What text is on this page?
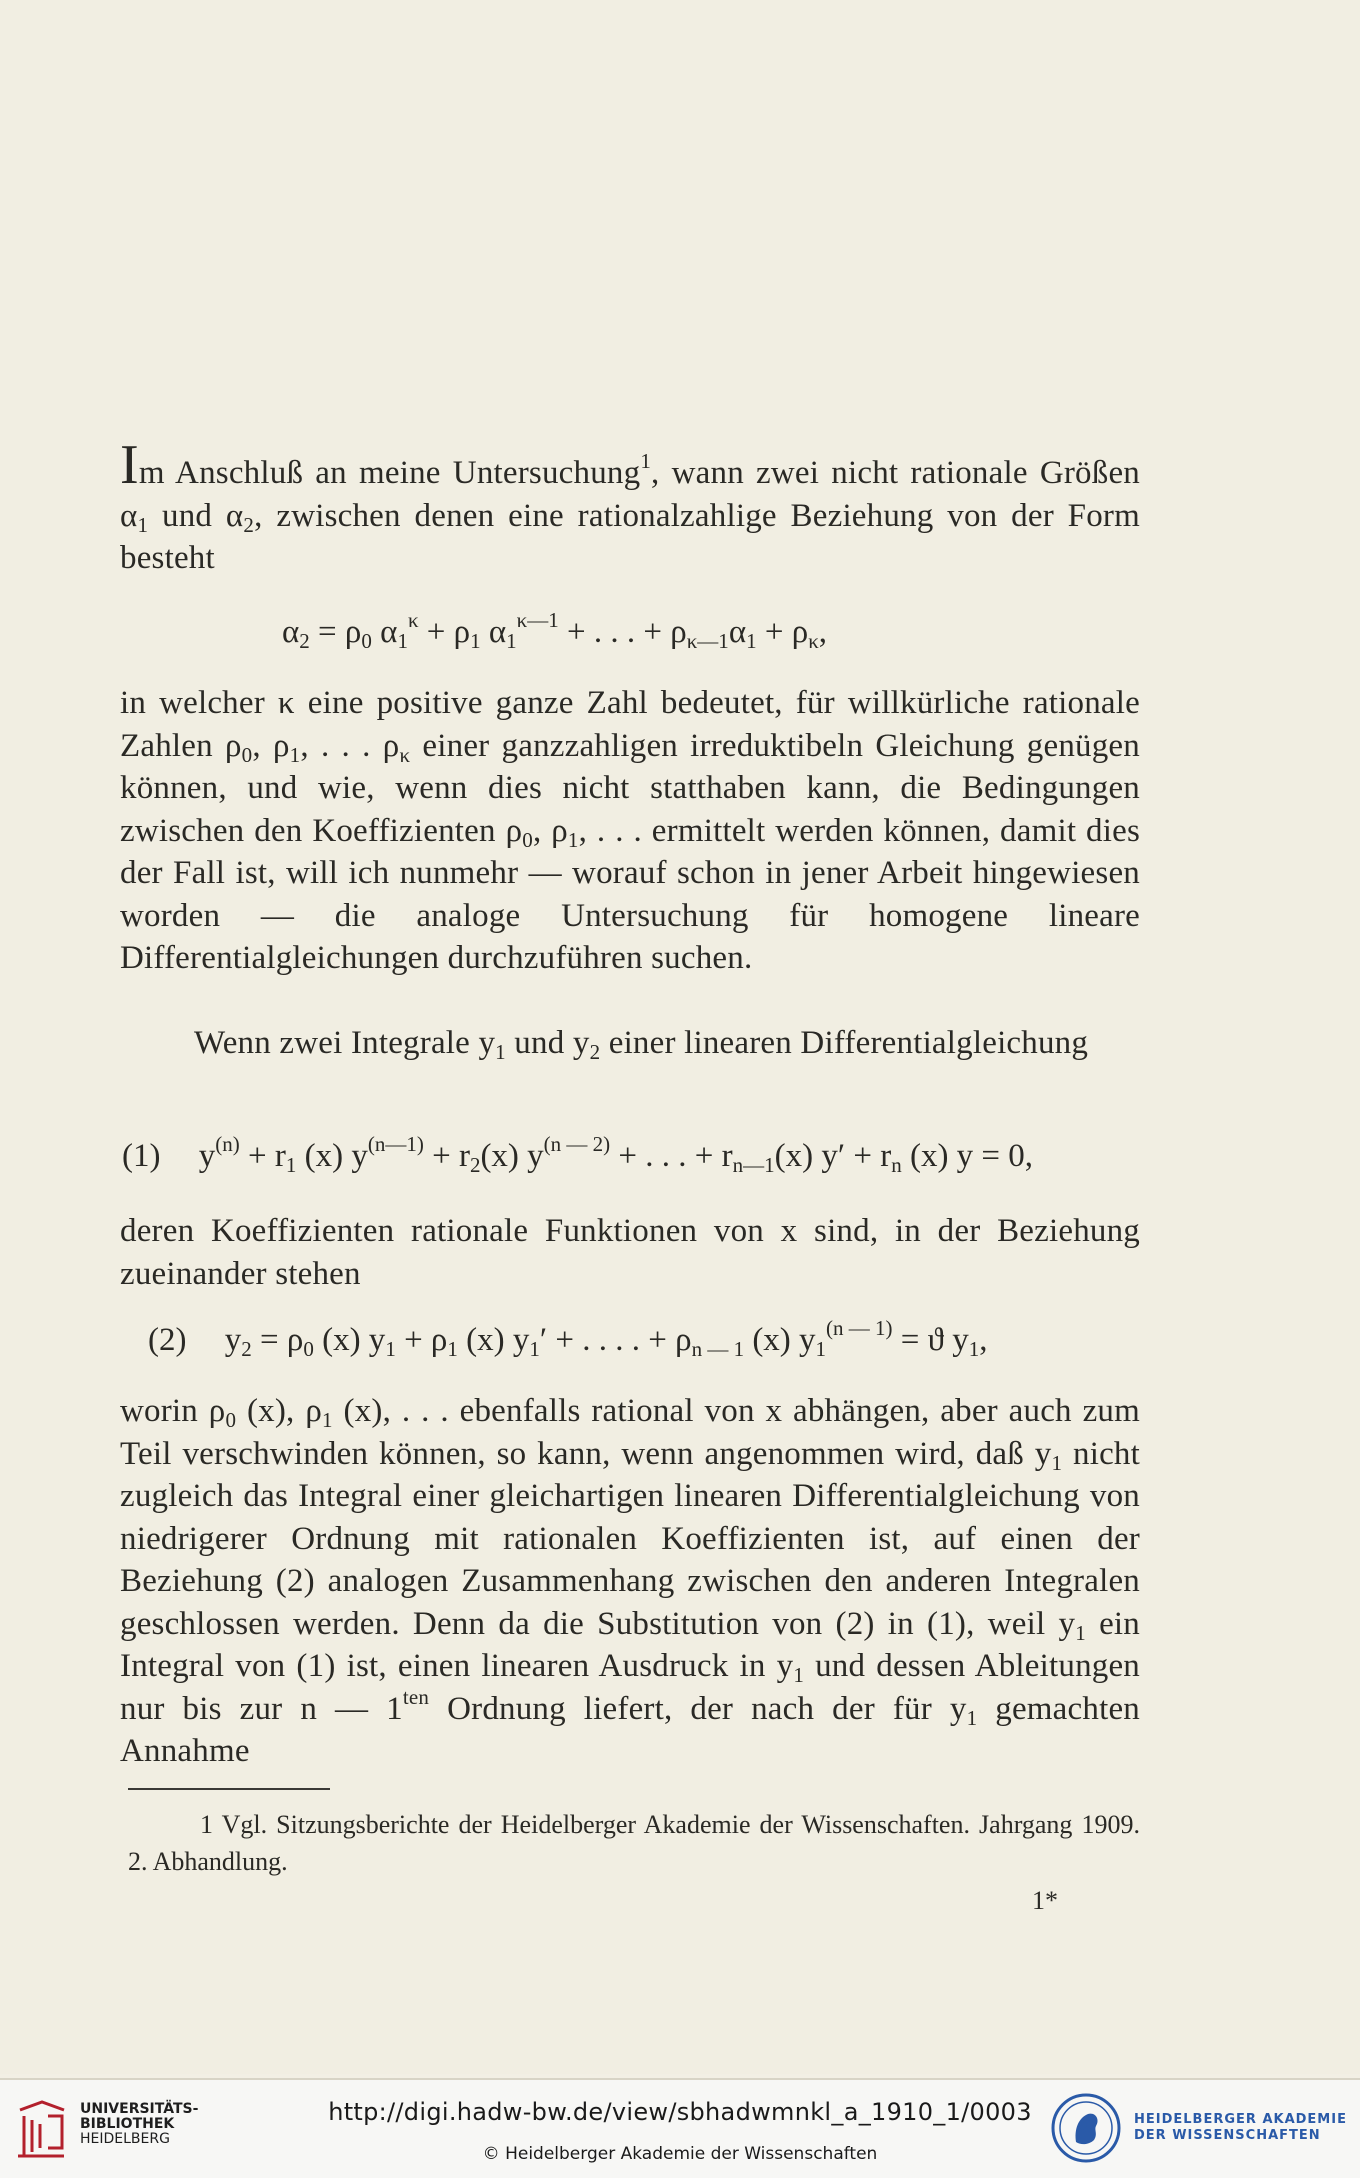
Im Anschluß an meine Untersuchung$^1$, wann zwei nicht rationale Größen $\alpha_1$ und $\alpha_2$, zwischen denen eine rationalzahlige Beziehung von der Form besteht

$\alpha_2 = \rho_0$ $\alpha_1^\kappa + \rho_1$ $\alpha_1^{\kappa—1}$ + . . . + $\rho_{\kappa—1}\alpha_1 + \rho_\kappa$,

in welcher κ eine positive ganze Zahl bedeutet, für willkürliche rationale Zahlen $\rho_0$, $\rho_1$, . . . $\rho_\kappa$ einer ganzzahligen irreduktibeln Gleichung genügen können, und wie, wenn dies nicht statthaben kann, die Bedingungen zwischen den Koeffizienten $\rho_0$, $\rho_1$, . . . ermittelt werden können, damit dies der Fall ist, will ich nunmehr — worauf schon in jener Arbeit hingewiesen worden — die analoge Untersuchung für homogene lineare Differentialgleichungen durchzuführen suchen.

Wenn zwei Integrale $y_1$ und $y_2$ einer linearen Differentialgleichung

(1) $y^{(n)} + r_1$ (x) $y^{(n—1)} + r_2(x) y^{(n — 2)}$ + . . . + $r_{n—1}(x) y' + r_n$ (x) y = 0,

deren Koeffizienten rationale Funktionen von x sind, in der Beziehung zueinander stehen

(2) $y_2 = \rho_0$ (x) $y_1 + \rho_1$ (x) $y_1'$ + . . . . + $\rho_{n — 1}$ (x) $y_1^{(n — 1)} = ϑ$ $y_1$,

worin $\rho_0$ (x), $\rho_1$ (x), . . . ebenfalls rational von x abhängen, aber auch zum Teil verschwinden können, so kann, wenn angenommen wird, daß $y_1$ nicht zugleich das Integral einer gleichartigen linearen Differentialgleichung von niedrigerer Ordnung mit rationalen Koeffizienten ist, auf einen der Beziehung (2) analogen Zusammenhang zwischen den anderen Integralen geschlossen werden. Denn da die Substitution von (2) in (1), weil $y_1$ ein Integral von (1) ist, einen linearen Ausdruck in $y_1$ und dessen Ableitungen nur bis zur n — $1^{ten}$ Ordnung liefert, der nach der für $y_1$ gemachten Annahme

1 Vgl. Sitzungsberichte der Heidelberger Akademie der Wissenschaften. Jahrgang 1909. 2. Abhandlung.
1*
UNIVERSITÄTS-
BIBLIOTHEK
HEIDELBERG
http://digi.hadw-bw.de/view/sbhadwmnkl_a_1910_1/0003
© Heidelberger Akademie der Wissenschaften
HEIDELBERGER AKADEMIE
DER WISSENSCHAFTEN
